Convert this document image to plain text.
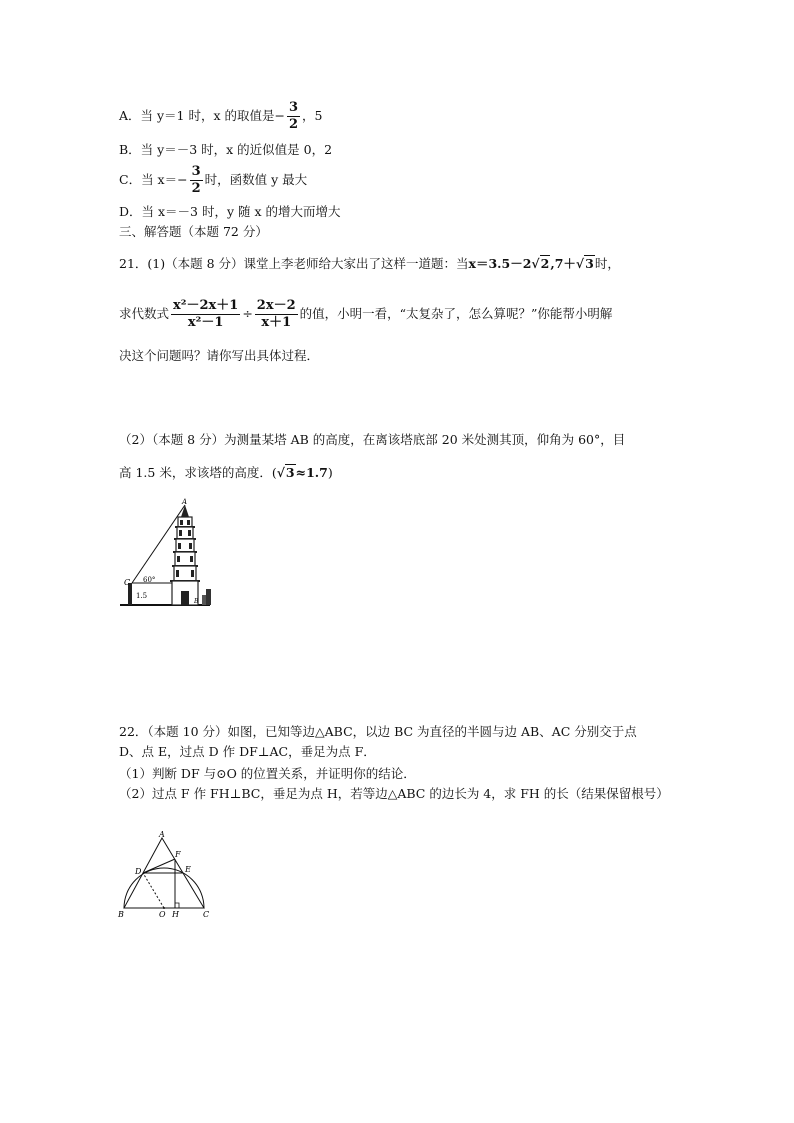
A．当 y＝1 时，x 的取值是− $\frac{3}{2}$ ，5
B．当 y＝－3 时，x 的近似值是 0，2
C．当 $x=- \frac{3}{2}$ 时，函数值 y 最大
D．当 x＝－3 时，y 随 x 的增大而增大
三、解答题（本题 72 分）
21．(1)（本题 8 分）课堂上李老师给大家出了这样一道题：当x＝3.5－2√2,7＋√3时，
求代数式 $\frac{\text{x²－2x＋1}}{\text{x²－1}} \div \frac{2x-2}{x+1}$ 的值，小明一看，“太复杂了，怎么算呢？”你能帮小明解
决这个问题吗？请你写出具体过程．
（2）（本题 8 分）为测量某塔 AB 的高度，在离该塔底部 20 米处测其顶，仰角为 60°，目
高 1.5 米，求该塔的高度．(√3≈1.7)
A
C
B
60°
1.5
22．（本题 10 分）如图，已知等边△ABC，以边 BC 为直径的半圆与边 AB、AC 分别交于点
D、点 E，过点 D 作 DF⊥AC，垂足为点 F．
（1）判断 DF 与⊙O 的位置关系，并证明你的结论．
（2）过点 F 作 FH⊥BC，垂足为点 H，若等边△ABC 的边长为 4，求 FH 的长（结果保留根号）
A
B	C
D	E
F
O H
